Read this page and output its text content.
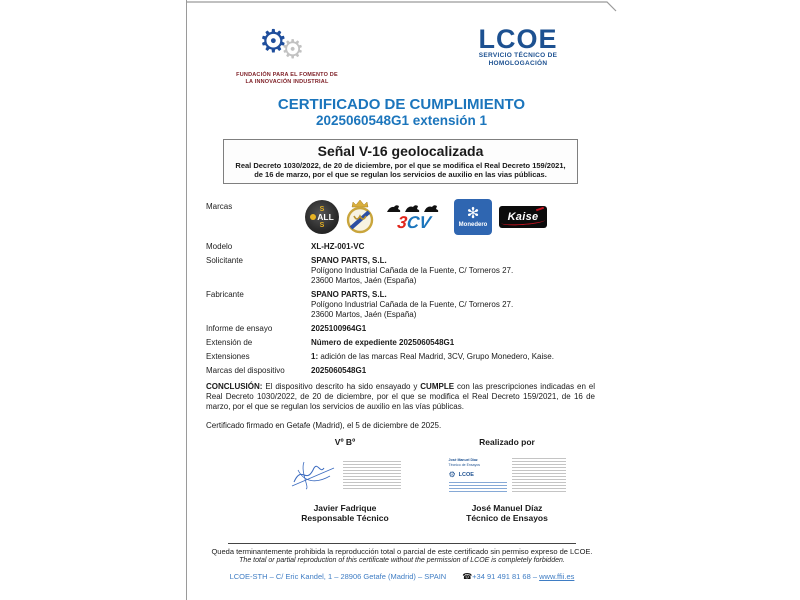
⚙
⚙
FUNDACIÓN PARA EL FOMENTO DE
LA INNOVACIÓN INDUSTRIAL
LCOE
SERVICIO TÉCNICO DE
HOMOLOGACIÓN
CERTIFICADO DE CUMPLIMIENTO
2025060548G1 extensión 1
Señal V-16 geolocalizada
Real Decreto 1030/2022, de 20 de diciembre, por el que se modifica el Real Decreto 159/2021, de 16 de marzo, por el que se regulan los servicios de auxilio en las vias públicas.
Marcas	S
ALL
S	3CV	✻
Monedero
Kaise
Modelo	XL-HZ-001-VC
Solicitante	SPANO PARTS, S.L.
Polígono Industrial Cañada de la Fuente, C/ Torneros 27.
23600 Martos, Jaén (España)
Fabricante	SPANO PARTS, S.L.
Polígono Industrial Cañada de la Fuente, C/ Torneros 27.
23600 Martos, Jaén (España)
Informe de ensayo	2025100964G1
Extensión de	Número de expediente 2025060548G1
Extensiones	1: adición de las marcas Real Madrid, 3CV, Grupo Monedero, Kaise.
Marcas del dispositivo	2025060548G1
CONCLUSIÓN: El dispositivo descrito ha sido ensayado y CUMPLE con las prescripciones indicadas en el Real Decreto 1030/2022, de 20 de diciembre, por el que se modifica el Real Decreto 159/2021, de 16 de marzo, por el que se regulan los servicios de auxilio en las vías públicas.
Certificado firmado en Getafe (Madrid), el 5 de diciembre de 2025.
Vº Bº
Javier Fadrique
Responsable Técnico
Realizado por
José Manuel Díaz
Técnico de Ensayos
⚙ LCOE
José Manuel Díaz
Técnico de Ensayos
Queda terminantemente prohibida la reproducción total o parcial de este certificado sin permiso expreso de LCOE.
The total or partial reproduction of this certificate without the permission of LCOE is completely forbidden.
LCOE-STH – C/ Eric Kandel, 1 – 28906 Getafe (Madrid) – SPAIN ☎+34 91 491 81 68 – www.ffii.es
